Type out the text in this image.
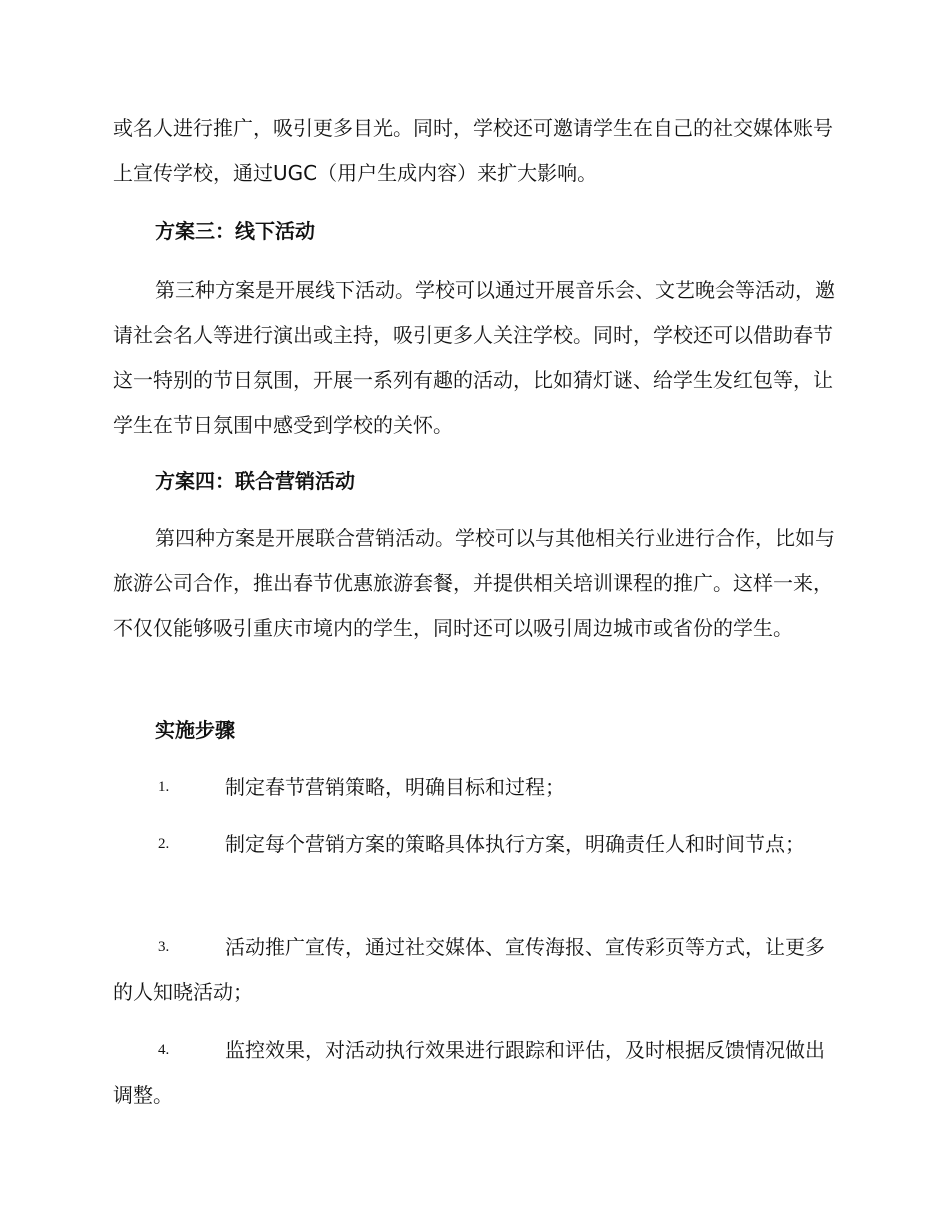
或名人进行推广，吸引更多目光。同时，学校还可邀请学生在自己的社交媒体账号上宣传学校，通过UGC（用户生成内容）来扩大影响。

方案三：线下活动

第三种方案是开展线下活动。学校可以通过开展音乐会、文艺晚会等活动，邀请社会名人等进行演出或主持，吸引更多人关注学校。同时，学校还可以借助春节这一特别的节日氛围，开展一系列有趣的活动，比如猜灯谜、给学生发红包等，让学生在节日氛围中感受到学校的关怀。

方案四：联合营销活动

第四种方案是开展联合营销活动。学校可以与其他相关行业进行合作，比如与旅游公司合作，推出春节优惠旅游套餐，并提供相关培训课程的推广。这样一来，不仅仅能够吸引重庆市境内的学生，同时还可以吸引周边城市或省份的学生。

实施步骤
1.	制定春节营销策略，明确目标和过程；
2.	制定每个营销方案的策略具体执行方案，明确责任人和时间节点；
3.	活动推广宣传，通过社交媒体、宣传海报、宣传彩页等方式，让更多的人知晓活动；
4.	监控效果，对活动执行效果进行跟踪和评估，及时根据反馈情况做出调整。
